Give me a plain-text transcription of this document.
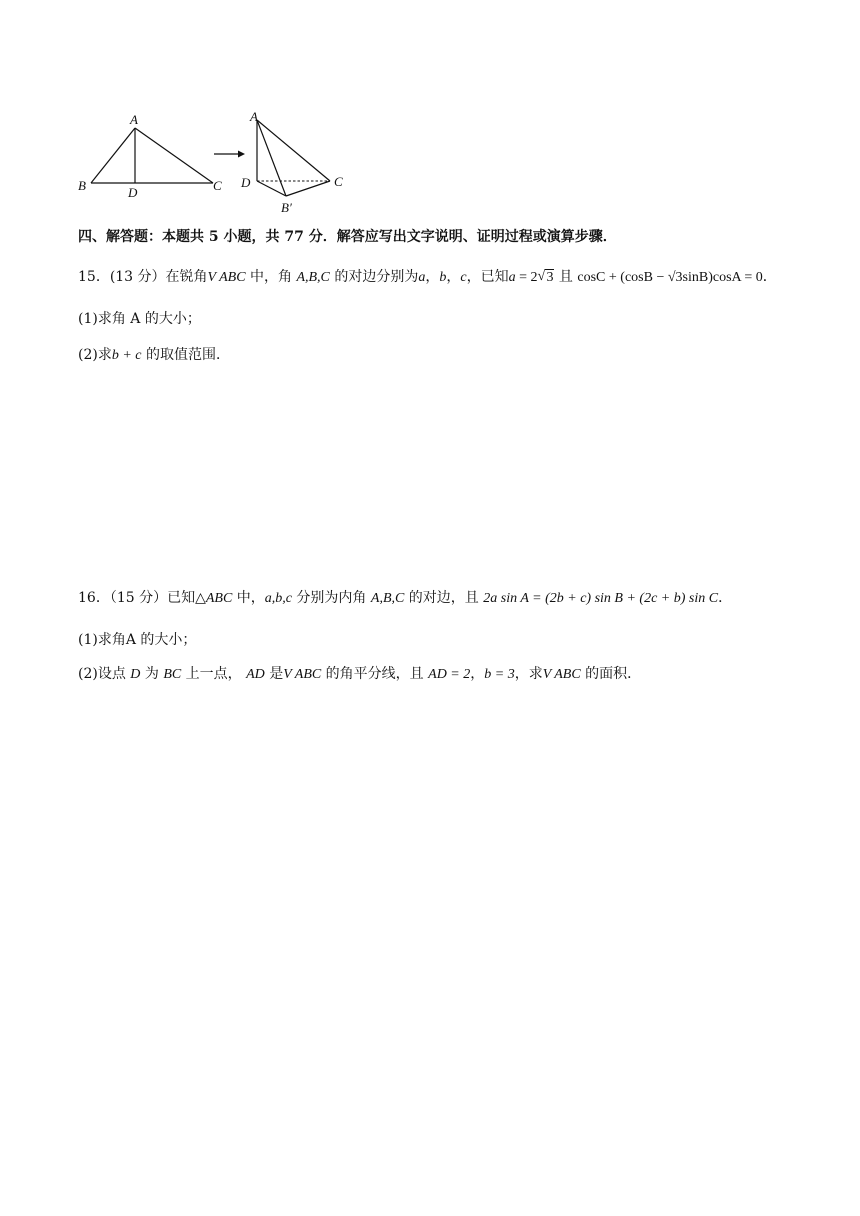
A
B	C
D
A
D	C
B′
四、解答题：本题共 5 小题，共 77 分．解答应写出文字说明、证明过程或演算步骤．
15．(13 分）在锐角V ABC 中，角 A,B,C 的对边分别为a，b，c，已知a = 2√ 3 且 cosC + (cosB − √3sinB)cosA = 0．
(1)求角 A 的大小；
(2)求b + c 的取值范围．
16．（15 分）已知△ABC 中，a,b,c 分别为内角 A,B,C 的对边，且 2a sin A = (2b + c) sin B + (2c + b) sin C．
(1)求角A 的大小；
(2)设点 D 为 BC 上一点， AD 是V ABC 的角平分线，且 AD = 2，b = 3，求V ABC 的面积．
